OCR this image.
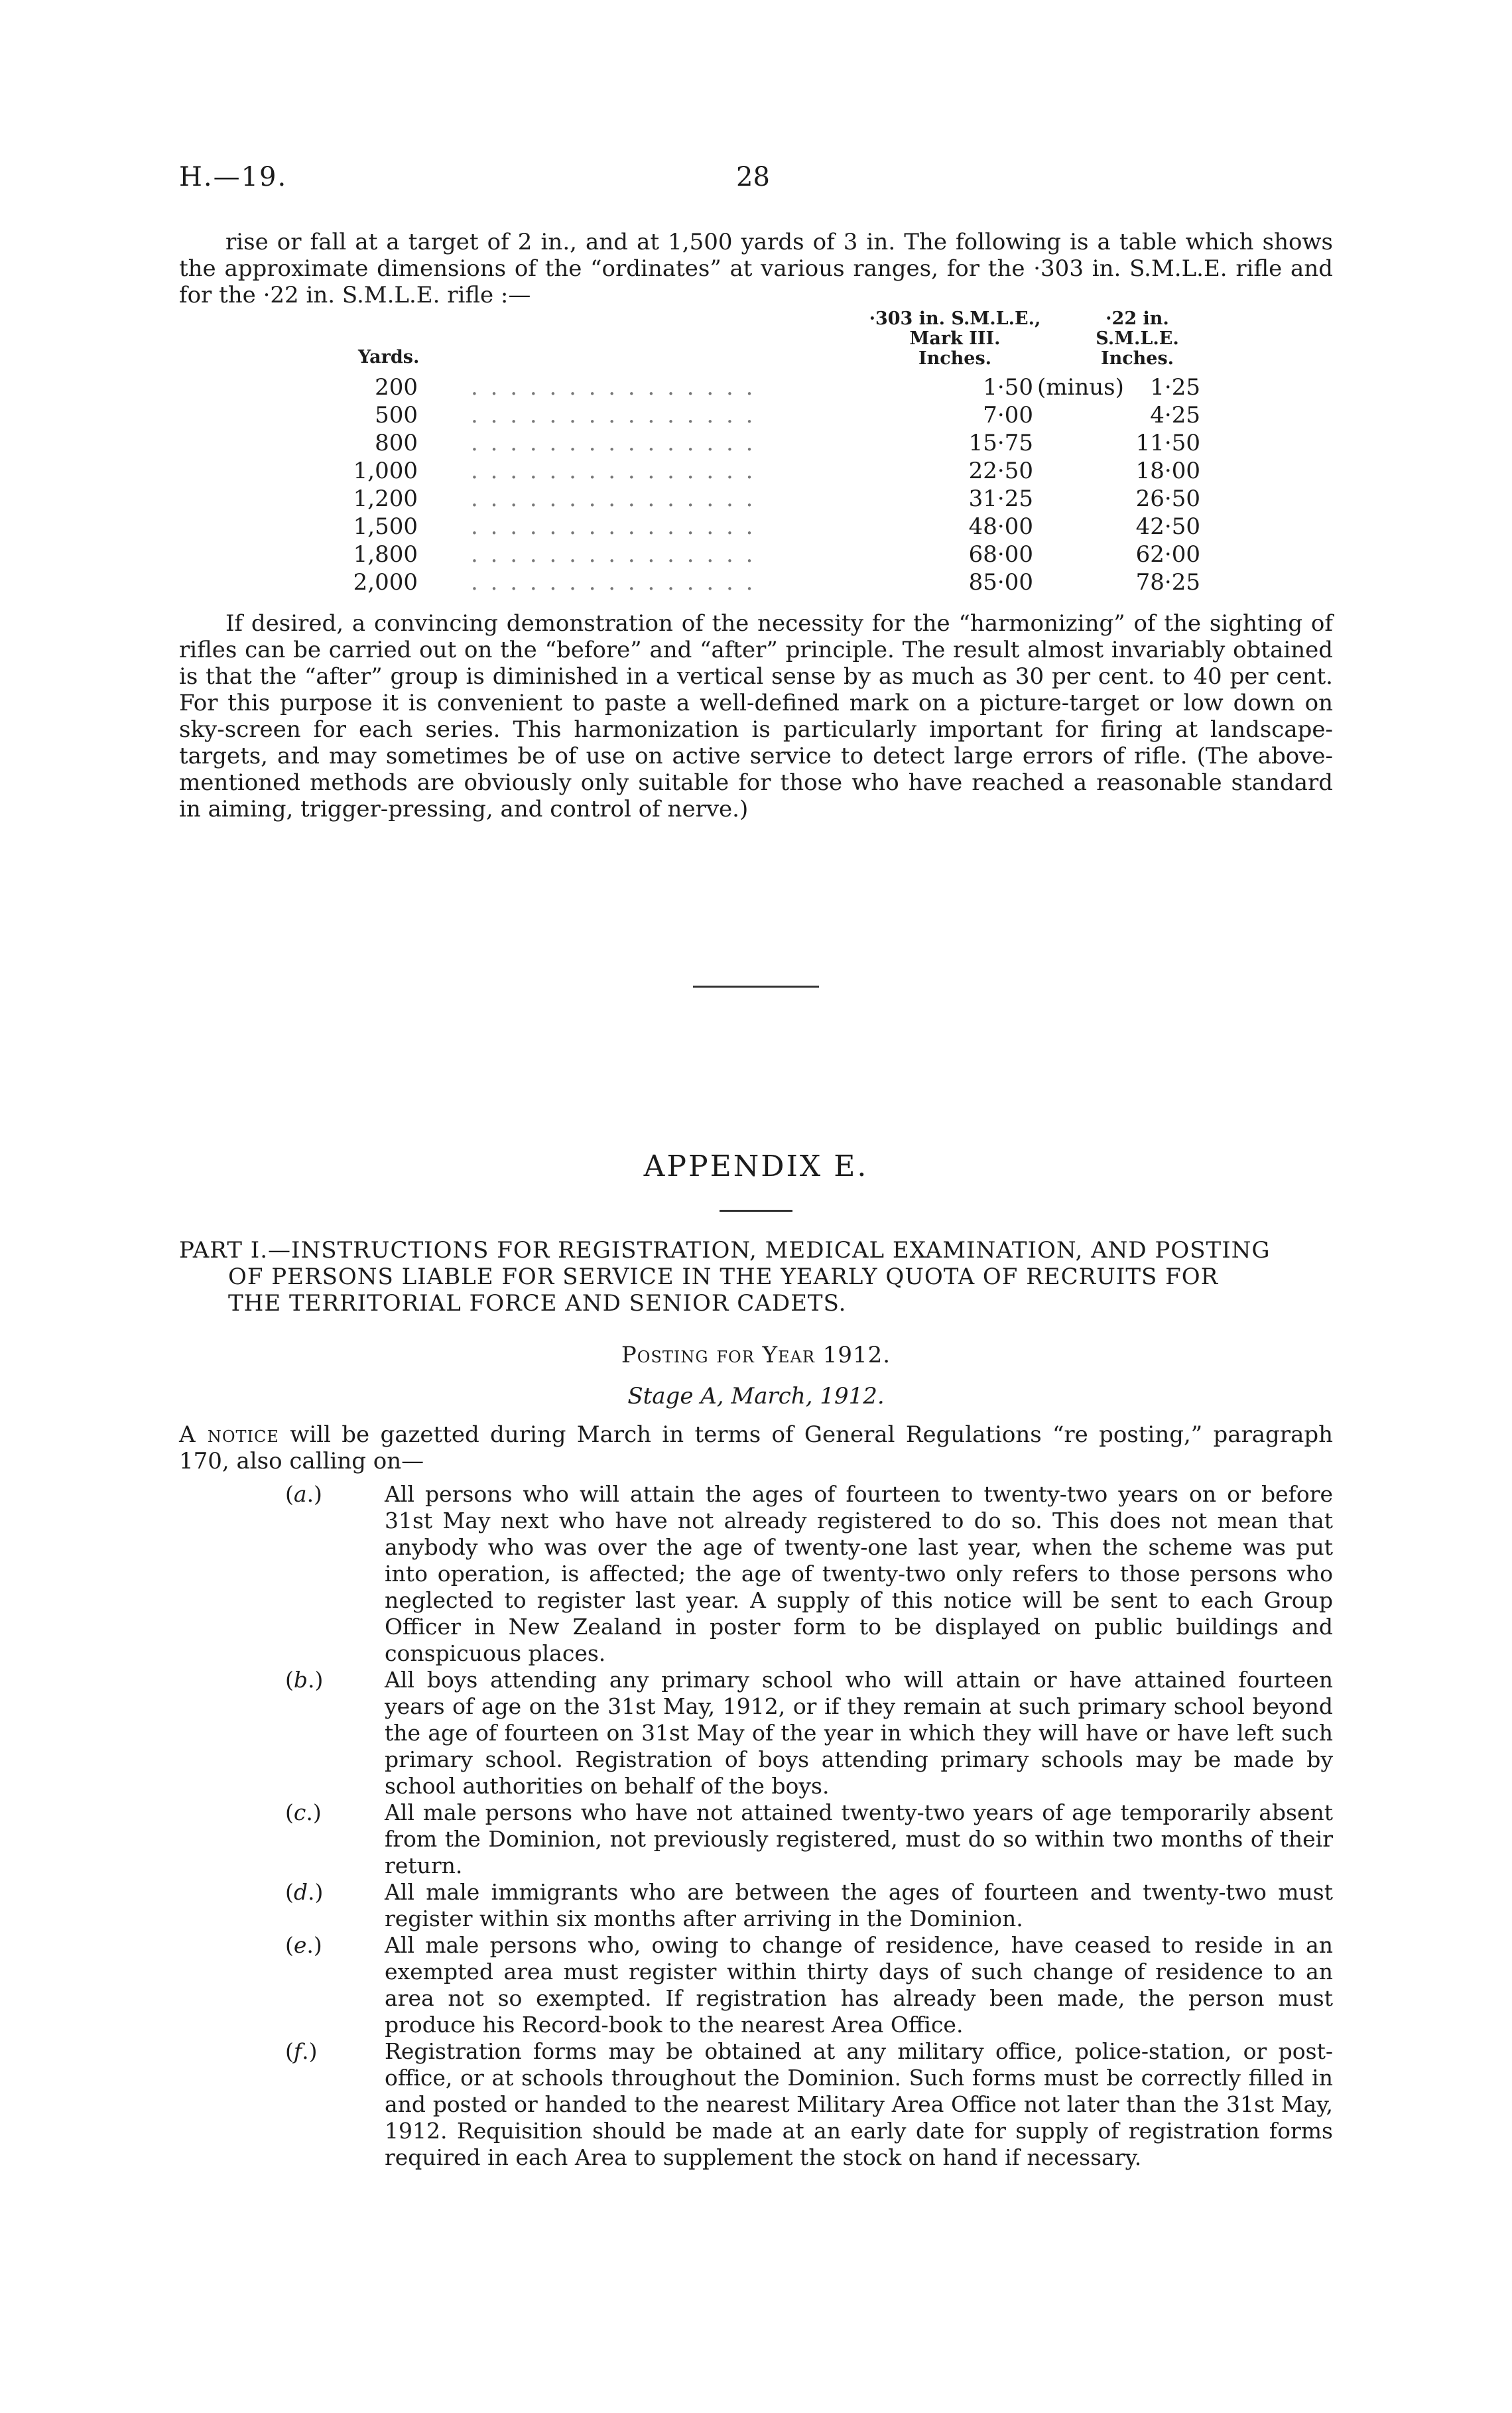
H.—19.	28

rise or fall at a target of 2 in., and at 1,500 yards of 3 in. The following is a table which shows the approximate dimensions of the “ordinates” at various ranges, for the ·303 in. S.M.L.E. rifle and for the ·22 in. S.M.L.E. rifle :—

Yards.
·303 in. S.M.L.E.,
Mark III.
Inches.
·22 in.
S.M.L.E.
Inches.
200 . . . . . . . . . . . . . . .	1·50 (minus)	1·25
500 . . . . . . . . . . . . . . .	7·00	4·25
800 . . . . . . . . . . . . . . .	15·75	11·50
1,000 . . . . . . . . . . . . . . .	22·50	18·00
1,200 . . . . . . . . . . . . . . .	31·25	26·50
1,500 . . . . . . . . . . . . . . .	48·00	42·50
1,800 . . . . . . . . . . . . . . .	68·00	62·00
2,000 . . . . . . . . . . . . . . .	85·00	78·25

If desired, a convincing demonstration of the necessity for the “harmonizing” of the sighting of rifles can be carried out on the “before” and “after” principle. The result almost invariably obtained is that the “after” group is diminished in a vertical sense by as much as 30 per cent. to 40 per cent. For this purpose it is convenient to paste a well-defined mark on a picture-target or low down on sky-screen for each series. This harmonization is particularly important for firing at landscape-targets, and may sometimes be of use on active service to detect large errors of rifle. (The above-mentioned methods are obviously only suitable for those who have reached a reasonable standard in aiming, trigger-pressing, and control of nerve.)

APPENDIX E.
PART I.—INSTRUCTIONS FOR REGISTRATION, MEDICAL EXAMINATION, AND POSTING
OF PERSONS LIABLE FOR SERVICE IN THE YEARLY QUOTA OF RECRUITS FOR
THE TERRITORIAL FORCE AND SENIOR CADETS.
Posting for Year 1912.
Stage A, March, 1912.
A notice will be gazetted during March in terms of General Regulations “re posting,” paragraph 170, also calling on—
(a.)	All persons who will attain the ages of fourteen to twenty-two years on or before 31st May next who have not already registered to do so. This does not mean that anybody who was over the age of twenty-one last year, when the scheme was put into operation, is affected; the age of twenty-two only refers to those persons who neglected to register last year. A supply of this notice will be sent to each Group Officer in New Zealand in poster form to be displayed on public buildings and conspicuous places.
(b.)	All boys attending any primary school who will attain or have attained fourteen years of age on the 31st May, 1912, or if they remain at such primary school beyond the age of fourteen on 31st May of the year in which they will have or have left such primary school. Registration of boys attending primary schools may be made by school authorities on behalf of the boys.
(c.)	All male persons who have not attained twenty-two years of age temporarily absent from the Dominion, not previously registered, must do so within two months of their return.
(d.)	All male immigrants who are between the ages of fourteen and twenty-two must register within six months after arriving in the Dominion.
(e.)	All male persons who, owing to change of residence, have ceased to reside in an exempted area must register within thirty days of such change of residence to an area not so exempted. If registration has already been made, the person must produce his Record-book to the nearest Area Office.
(f.)	Registration forms may be obtained at any military office, police-station, or post-office, or at schools throughout the Dominion. Such forms must be correctly filled in and posted or handed to the nearest Military Area Office not later than the 31st May, 1912. Requisition should be made at an early date for supply of registration forms required in each Area to supplement the stock on hand if necessary.
